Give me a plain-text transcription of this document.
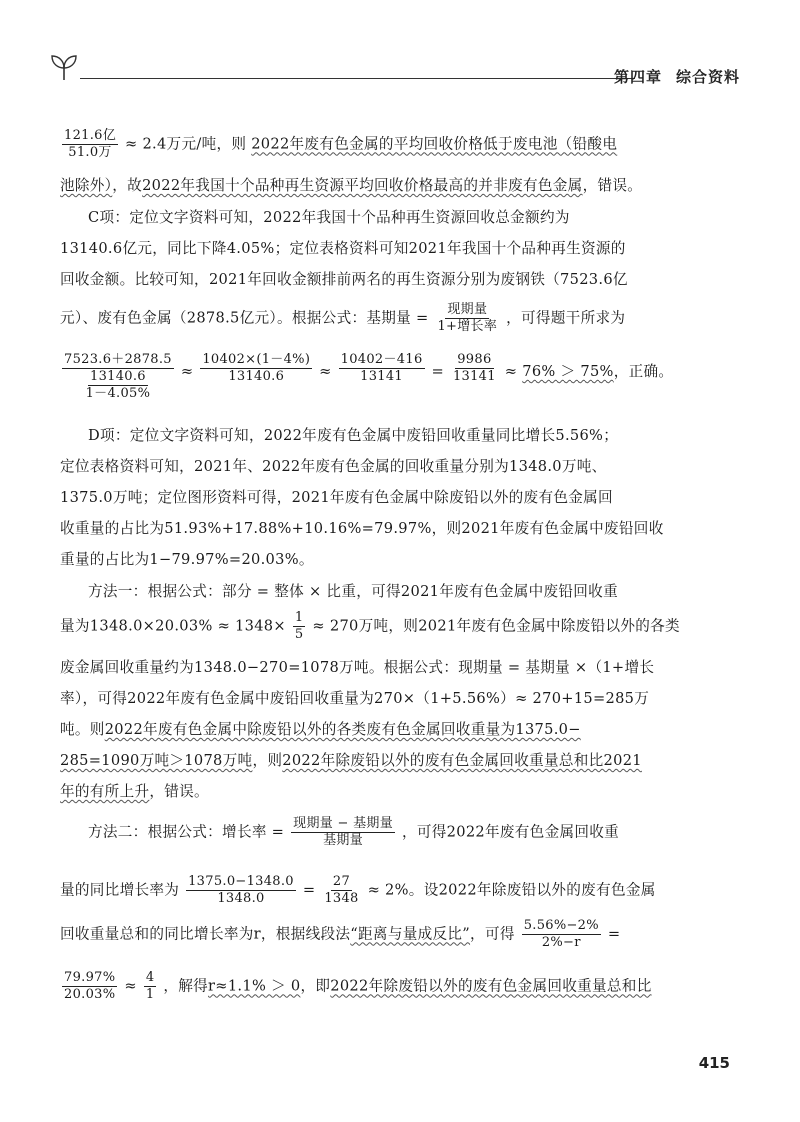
第四章 综合资料
$\frac{\text{121.6亿}}{\text{51.0万}} \approx 2.4$万元/吨，则 2022年废有色金属的平均回收价格低于废电池（铅酸电
池除外），故2022年我国十个品种再生资源平均回收价格最高的并非废有色金属，错误。
C项：定位文字资料可知，2022年我国十个品种再生资源回收总金额约为
13140.6亿元，同比下降4.05%；定位表格资料可知2021年我国十个品种再生资源的
回收金额。比较可知，2021年回收金额排前两名的再生资源分别为废钢铁（7523.6亿
元）、废有色金属（2878.5亿元）。根据公式：基期量 = $\frac{\text{现期量}}{\text{1+增长率}}$ ，可得题干所求为
7523.6＋2878.5
13140.6
1－4.05%
≈ $\frac{10402\times(1-4\%)}{13140.6} \approx \frac{10402-416}{13141} = \frac{9986}{13141} \approx 76\% > 75\%$，正确。
D项：定位文字资料可知，2022年废有色金属中废铅回收重量同比增长5.56%；
定位表格资料可知，2021年、2022年废有色金属的回收重量分别为1348.0万吨、
1375.0万吨；定位图形资料可得，2021年废有色金属中除废铅以外的废有色金属回
收重量的占比为51.93%+17.88%+10.16%=79.97%，则2021年废有色金属中废铅回收
重量的占比为1−79.97%=20.03%。
方法一：根据公式：部分 = 整体 × 比重，可得2021年废有色金属中废铅回收重
量为$1348.0\times 20.03\% \approx 1348\times \frac{1}{5} \approx 270$万吨，则2021年废有色金属中除废铅以外的各类
废金属回收重量约为1348.0−270=1078万吨。根据公式：现期量 = 基期量 ×（1+增长
率），可得2022年废有色金属中废铅回收重量为270×（1+5.56%）≈ 270+15=285万
吨。则2022年废有色金属中除废铅以外的各类废有色金属回收重量为1375.0−
285=1090万吨＞1078万吨，则2022年除废铅以外的废有色金属回收重量总和比2021
年的有所上升，错误。
方法二：根据公式：增长率 = $\frac{\text{现期量 − 基期量}}{\text{基期量}}$ ，可得2022年废有色金属回收重
量的同比增长率为 $\frac{1375.0-1348.0}{1348.0} = \frac{27}{1348} \approx 2\%$。设2022年除废铅以外的废有色金属
回收重量总和的同比增长率为r，根据线段法“距离与量成反比”，可得 $\frac{5.56\%-2\%}{2\%-r}$ =
$\frac{79.97\%}{20.03\%} \approx \frac{4}{1}$ ，解得r≈1.1% ＞ 0，即2022年除废铅以外的废有色金属回收重量总和比
415
